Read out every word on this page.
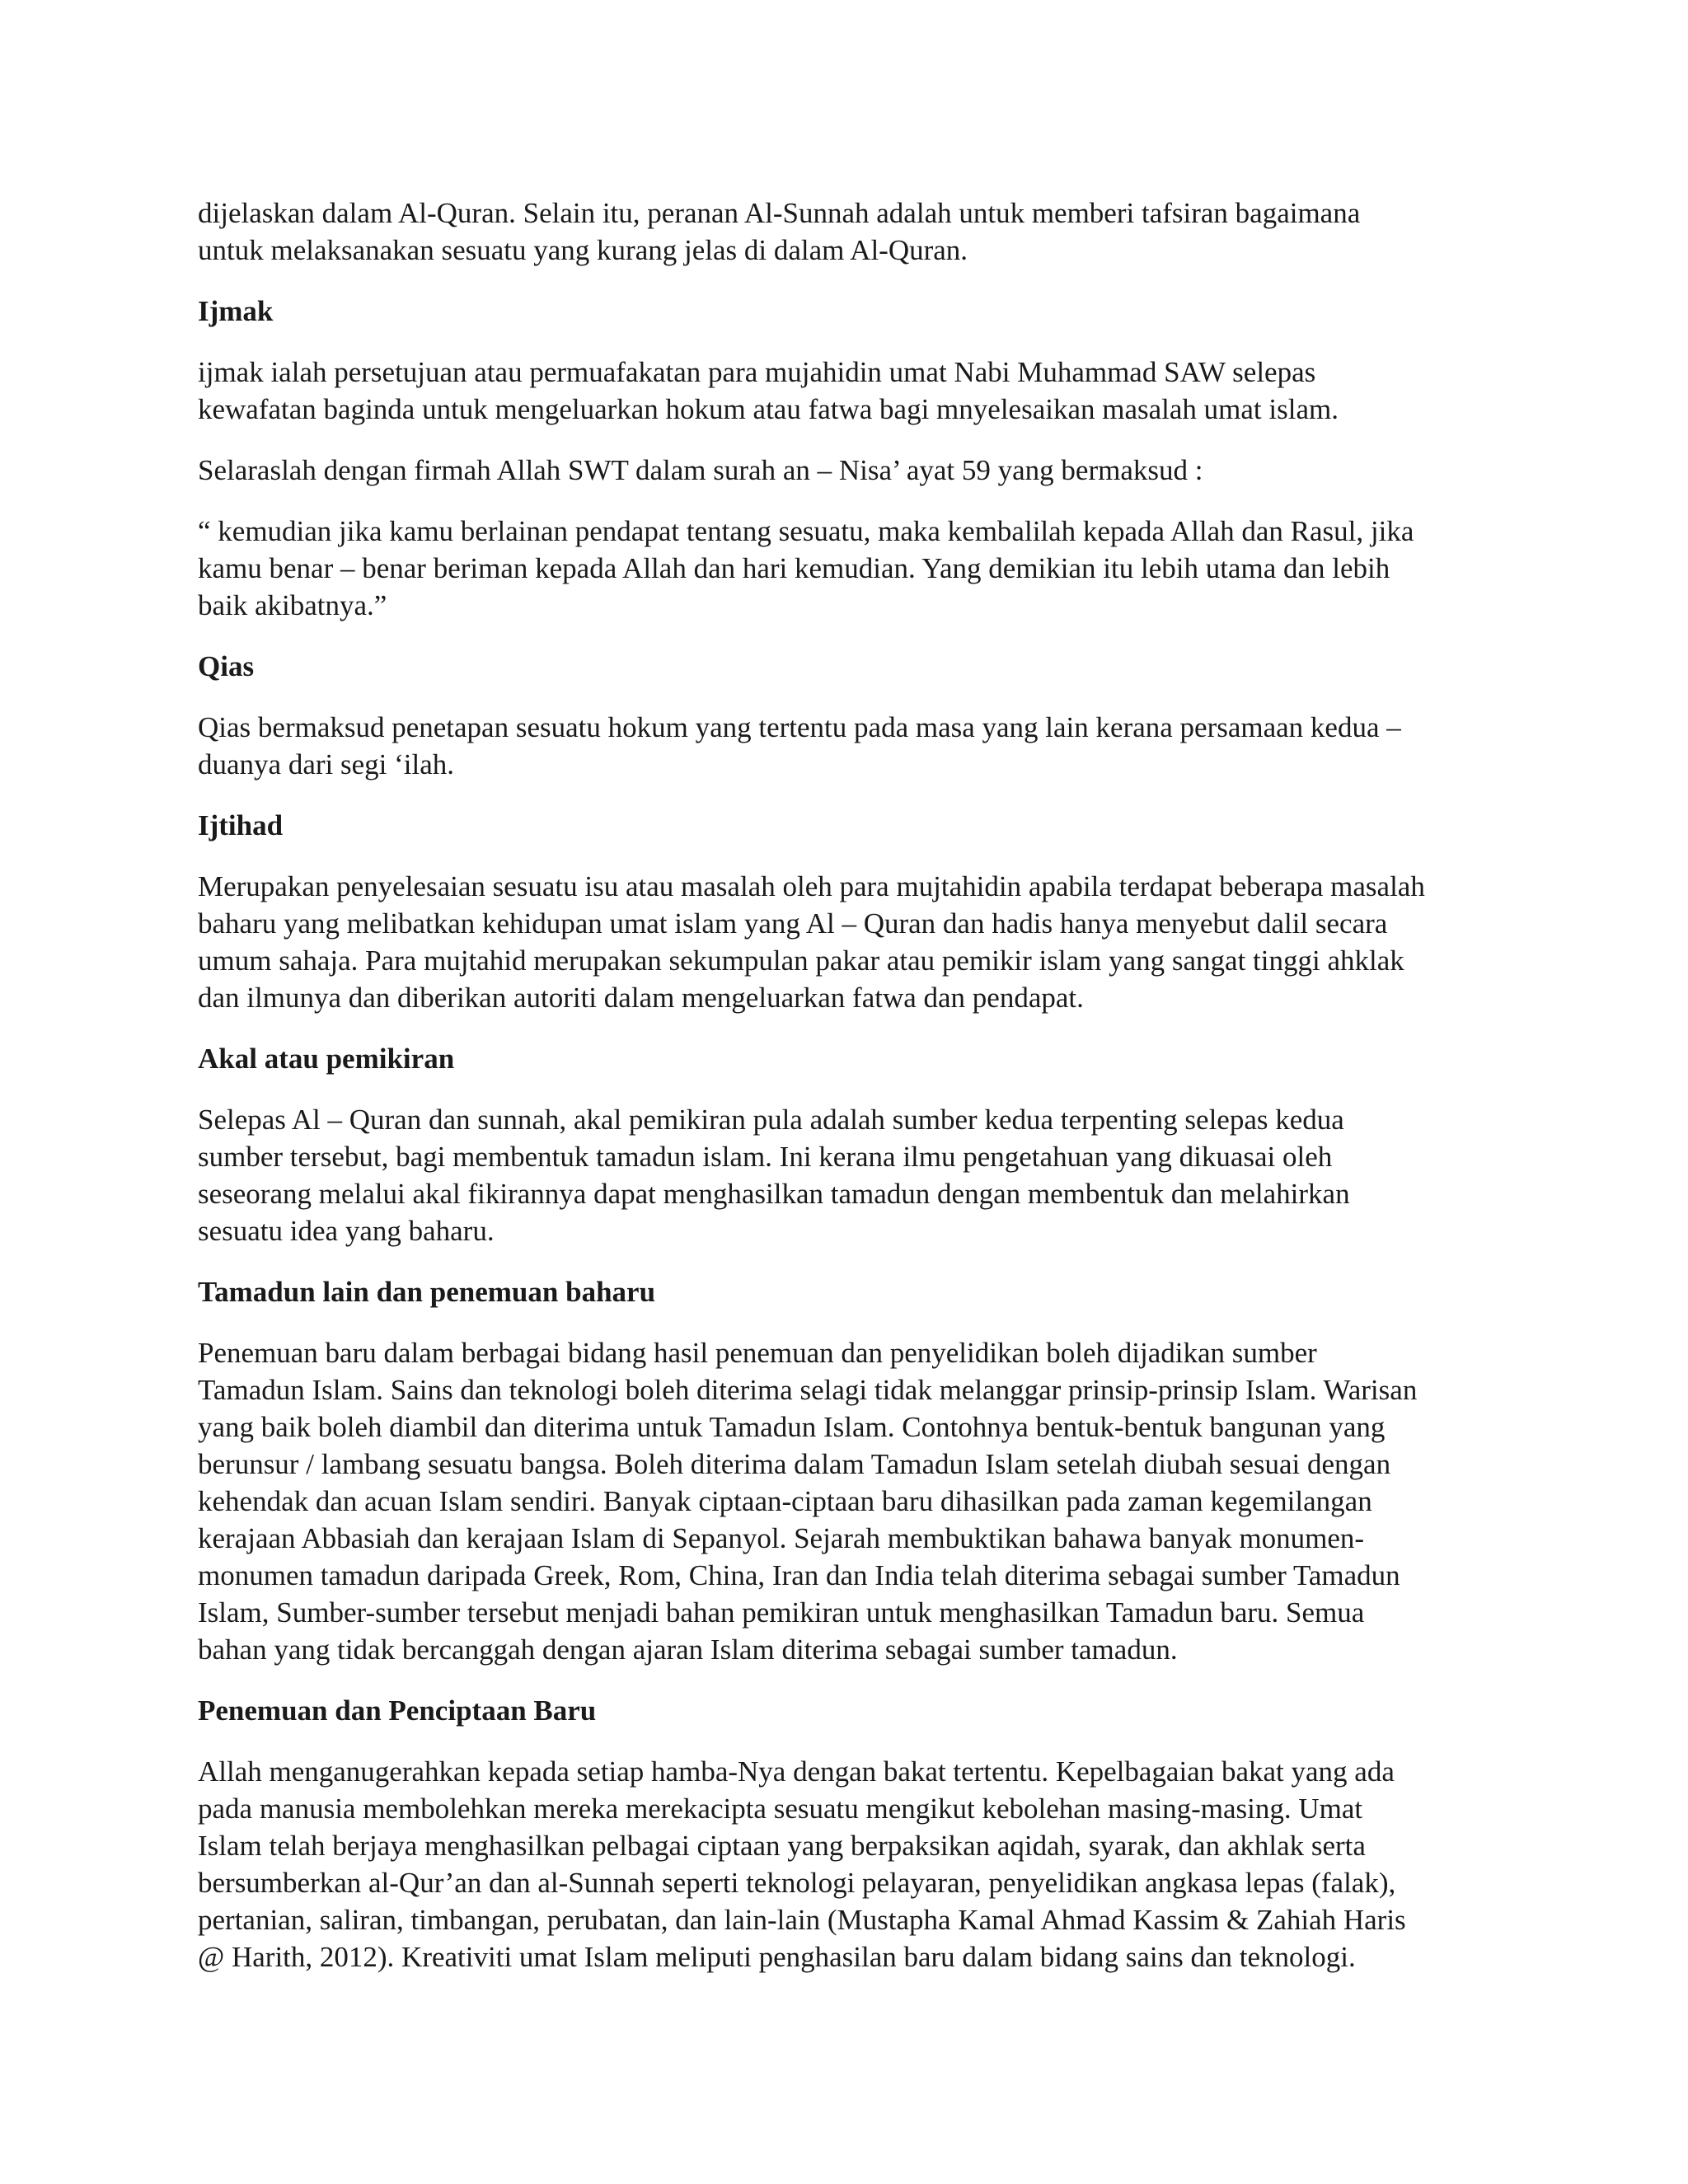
dijelaskan dalam Al-Quran. Selain itu, peranan Al-Sunnah adalah untuk memberi tafsiran bagaimana
untuk melaksanakan sesuatu yang kurang jelas di dalam Al-Quran.

Ijmak

ijmak ialah persetujuan atau permuafakatan para mujahidin umat Nabi Muhammad SAW selepas
kewafatan baginda untuk mengeluarkan hokum atau fatwa bagi mnyelesaikan masalah umat islam.

Selaraslah dengan firmah Allah SWT dalam surah an – Nisa’ ayat 59 yang bermaksud :

“ kemudian jika kamu berlainan pendapat tentang sesuatu, maka kembalilah kepada Allah dan Rasul, jika
kamu benar – benar beriman kepada Allah dan hari kemudian. Yang demikian itu lebih utama dan lebih
baik akibatnya.”

Qias

Qias bermaksud penetapan sesuatu hokum yang tertentu pada masa yang lain kerana persamaan kedua –
duanya dari segi ‘ilah.

Ijtihad

Merupakan penyelesaian sesuatu isu atau masalah oleh para mujtahidin apabila terdapat beberapa masalah
baharu yang melibatkan kehidupan umat islam yang Al – Quran dan hadis hanya menyebut dalil secara
umum sahaja. Para mujtahid merupakan sekumpulan pakar atau pemikir islam yang sangat tinggi ahklak
dan ilmunya dan diberikan autoriti dalam mengeluarkan fatwa dan pendapat.

Akal atau pemikiran

Selepas Al – Quran dan sunnah, akal pemikiran pula adalah sumber kedua terpenting selepas kedua
sumber tersebut, bagi membentuk tamadun islam. Ini kerana ilmu pengetahuan yang dikuasai oleh
seseorang melalui akal fikirannya dapat menghasilkan tamadun dengan membentuk dan melahirkan
sesuatu idea yang baharu.

Tamadun lain dan penemuan baharu

Penemuan baru dalam berbagai bidang hasil penemuan dan penyelidikan boleh dijadikan sumber
Tamadun Islam. Sains dan teknologi boleh diterima selagi tidak melanggar prinsip-prinsip Islam. Warisan
yang baik boleh diambil dan diterima untuk Tamadun Islam. Contohnya bentuk-bentuk bangunan yang
berunsur / lambang sesuatu bangsa. Boleh diterima dalam Tamadun Islam setelah diubah sesuai dengan
kehendak dan acuan Islam sendiri. Banyak ciptaan-ciptaan baru dihasilkan pada zaman kegemilangan
kerajaan Abbasiah dan kerajaan Islam di Sepanyol. Sejarah membuktikan bahawa banyak monumen-
monumen tamadun daripada Greek, Rom, China, Iran dan India telah diterima sebagai sumber Tamadun
Islam, Sumber-sumber tersebut menjadi bahan pemikiran untuk menghasilkan Tamadun baru. Semua
bahan yang tidak bercanggah dengan ajaran Islam diterima sebagai sumber tamadun.

Penemuan dan Penciptaan Baru

Allah menganugerahkan kepada setiap hamba-Nya dengan bakat tertentu. Kepelbagaian bakat yang ada
pada manusia membolehkan mereka merekacipta sesuatu mengikut kebolehan masing-masing. Umat
Islam telah berjaya menghasilkan pelbagai ciptaan yang berpaksikan aqidah, syarak, dan akhlak serta
bersumberkan al-Qur’an dan al-Sunnah seperti teknologi pelayaran, penyelidikan angkasa lepas (falak),
pertanian, saliran, timbangan, perubatan, dan lain-lain (Mustapha Kamal Ahmad Kassim & Zahiah Haris
@ Harith, 2012). Kreativiti umat Islam meliputi penghasilan baru dalam bidang sains dan teknologi.
